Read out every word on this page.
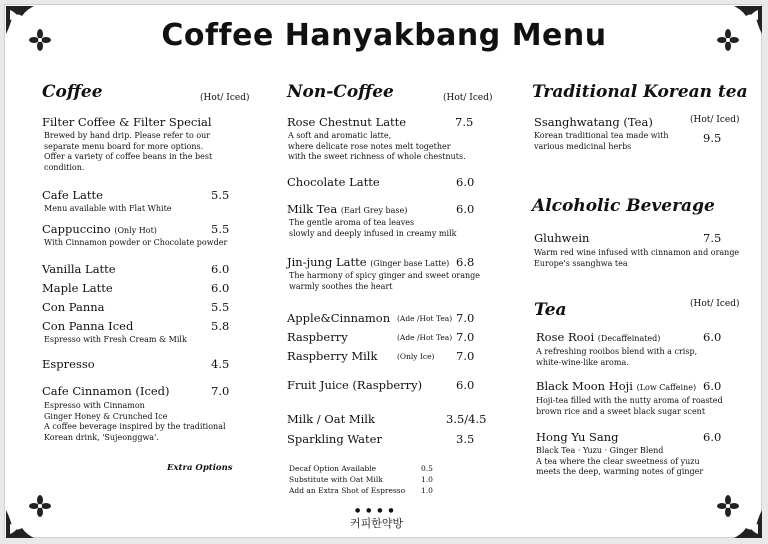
Coffee Hanyakbang Menu
Coffee	(Hot/ Iced)
Filter Coffee & Filter Special
Brewed by hand drip. Please refer to our
separate menu board for more options.
Offer a variety of coffee beans in the best
condition.
Cafe Latte	5.5
Menu available with Flat White
Cappuccino (Only Hot)	5.5
With Cinnamon powder or Chocolate powder
Vanilla Latte	6.0
Maple Latte	6.0
Con Panna	5.5
Con Panna Iced	5.8
Espresso with Fresh Cream & Milk
Espresso	4.5
Cafe Cinnamon (Iced)	7.0
Espresso with Cinnamon
Ginger Honey & Crunched Ice
A coffee beverage inspired by the traditional
Korean drink, 'Sujeonggwa'.
Extra Options
Non-Coffee	(Hot/ Iced)
Rose Chestnut Latte	7.5
A soft and aromatic latte,
where delicate rose notes melt together
with the sweet richness of whole chestnuts.
Chocolate Latte	6.0
Milk Tea (Earl Grey base)	6.0
The gentle aroma of tea leaves
slowly and deeply infused in creamy milk
Jin-jung Latte (Ginger base Latte) 6.8
The harmony of spicy ginger and sweet orange
warmly soothes the heart
Apple&Cinnamon (Ade /Hot Tea) 7.0
Raspberry	(Ade /Hot Tea) 7.0
Raspberry Milk	(Only Ice) 7.0
Fruit Juice (Raspberry)	6.0
Milk / Oat Milk	3.5/4.5
Sparkling Water	3.5
Decaf Option Available	0.5
Substitute with Oat Milk	1.0
Add an Extra Shot of Espresso 1.0
Traditional Korean tea
(Hot/ Iced)
Ssanghwatang (Tea)
9.5
Korean traditional tea made with
various medicinal herbs
Alcoholic Beverage
Gluhwein	7.5
Warm red wine infused with cinnamon and orange
Europe's ssanghwa tea
Tea	(Hot/ Iced)
Rose Rooi (Decaffeinated)	6.0
A refreshing rooibos blend with a crisp,
white-wine-like aroma.
Black Moon Hoji (Low Caffeine) 6.0
Hoji-tea filled with the nutty aroma of roasted
brown rice and a sweet black sugar scent
Hong Yu Sang	6.0
Black Tea · Yuzu · Ginger Blend
A tea where the clear sweetness of yuzu
meets the deep, warming notes of ginger
● ● ● ●
커피한약방
